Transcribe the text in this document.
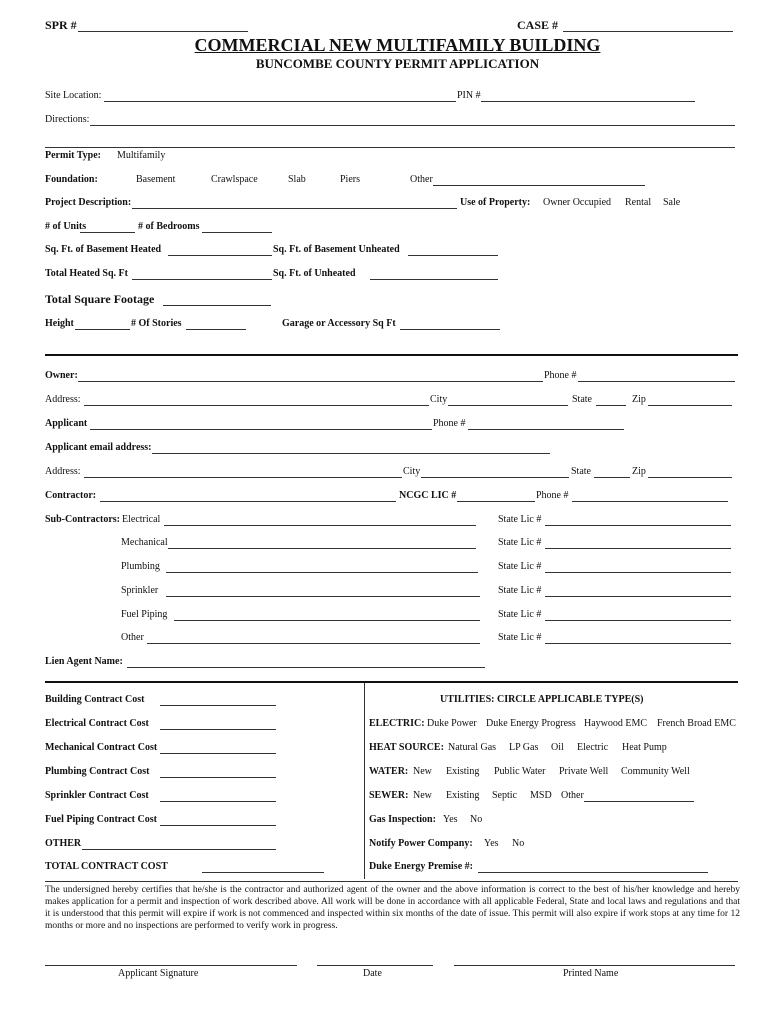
SPR #	CASE #
COMMERCIAL NEW MULTIFAMILY BUILDING
BUNCOMBE COUNTY PERMIT APPLICATION
Site Location:	PIN #
Directions:
Permit Type: Multifamily
Foundation:	Basement	Crawlspace	Slab	Piers	Other
Project Description:	Use of Property: Owner Occupied Rental Sale
# of Units	# of Bedrooms
Sq. Ft. of Basement Heated	Sq. Ft. of Basement Unheated
Total Heated Sq. Ft	Sq. Ft. of Unheated
Total Square Footage
Height	# Of Stories	Garage or Accessory Sq Ft
Owner:	Phone #
Address:	City	State	Zip
Applicant	Phone #
Applicant email address:
Address:	City	State	Zip
Contractor:	NCGC LIC #	Phone #
Sub-Contractors: Electrical	State Lic #
Mechanical	State Lic #
Plumbing	State Lic #
Sprinkler	State Lic #
Fuel Piping	State Lic #
Other	State Lic #
Lien Agent Name:
Building Contract Cost
Electrical Contract Cost
Mechanical Contract Cost
Plumbing Contract Cost
Sprinkler Contract Cost
Fuel Piping Contract Cost
OTHER
TOTAL CONTRACT COST
UTILITIES: CIRCLE APPLICABLE TYPE(S)
ELECTRIC: Duke Power Duke Energy Progress Haywood EMC French Broad EMC
HEAT SOURCE: Natural Gas LP Gas Oil Electric Heat Pump
WATER: New Existing Public Water Private Well Community Well
SEWER: New Existing Septic MSD Other
Gas Inspection: Yes No
Notify Power Company: Yes No
Duke Energy Premise #:
The undersigned hereby certifies that he/she is the contractor and authorized agent of the owner and the above information is correct to the best of his/her knowledge and hereby makes application for a permit and inspection of work described above. All work will be done in accordance with all applicable Federal, State and local laws and regulations and that it is understood that this permit will expire if work is not commenced and inspected within six months of the date of issue. This permit will also expire if work stops at any time for 12 months or more and no inspections are performed to verify work in progress.
Applicant Signature	Date	Printed Name
